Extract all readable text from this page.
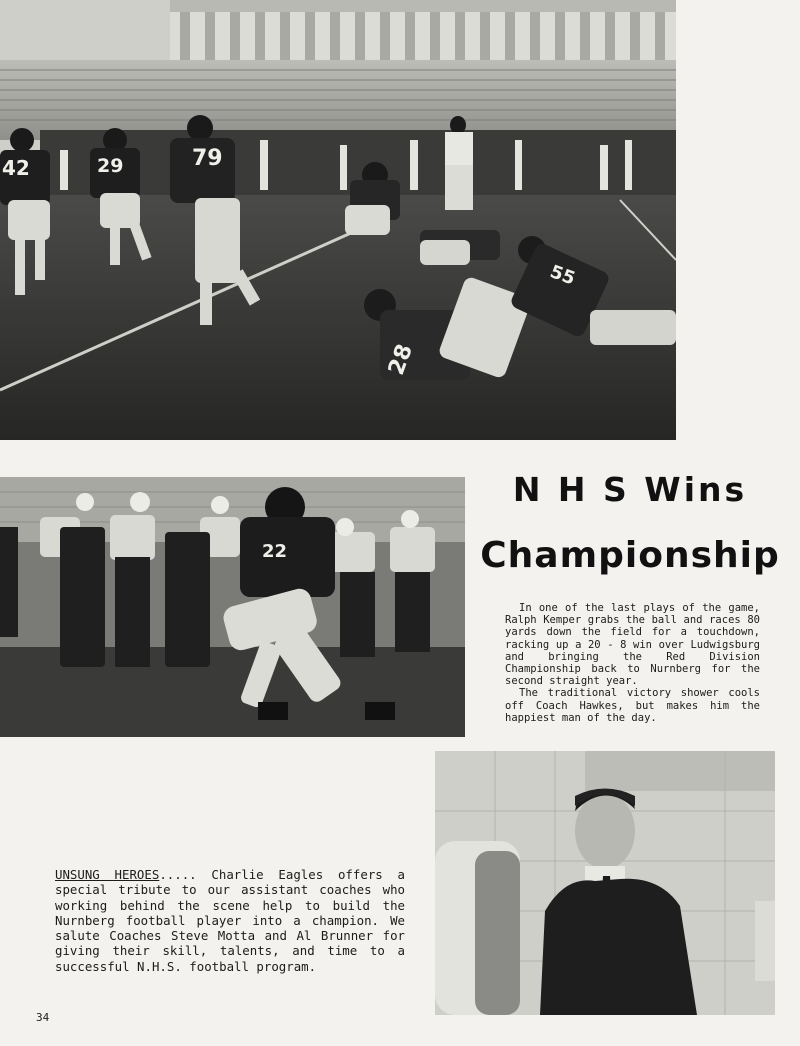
42	29	79
28
55
22
N H S Wins
Championship

In one of the last plays of the game, Ralph Kemper grabs the ball and races 80 yards down the field for a touchdown, racking up a 20 - 8 win over Ludwigsburg and bringing the Red Division Championship back to Nurnberg for the second straight year.

The traditional victory shower cools off Coach Hawkes, but makes him the happiest man of the day.

UNSUNG HEROES..... Charlie Eagles offers a special tribute to our assistant coaches who working behind the scene help to build the Nurnberg football player into a champion. We salute Coaches Steve Motta and Al Brunner for giving their skill, talents, and time to a successful N.H.S. football program.
34
